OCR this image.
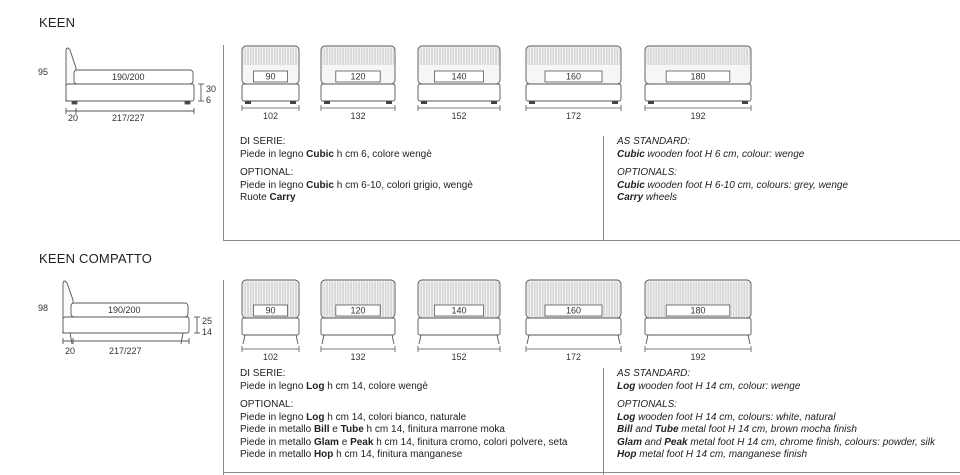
KEEN
95	190/200
20	217/227
30
6
DI SERIE:
Piede in legno Cubic h cm 6, colore wengè
OPTIONAL:
Piede in legno Cubic h cm 6-10, colori grigio, wengè
Ruote Carry
AS STANDARD:
Cubic wooden foot H 6 cm, colour: wenge
OPTIONALS:
Cubic wooden foot H 6-10 cm, colours: grey, wenge
Carry wheels
KEEN COMPATTO
98	190/200
20	217/227
25
14
DI SERIE:
Piede in legno Log h cm 14, colore wengè
OPTIONAL:
Piede in legno Log h cm 14, colori bianco, naturale
Piede in metallo Bill e Tube h cm 14, finitura marrone moka
Piede in metallo Glam e Peak h cm 14, finitura cromo, colori polvere, seta
Piede in metallo Hop h cm 14, finitura manganese
AS STANDARD:
Log wooden foot H 14 cm, colour: wenge
OPTIONALS:
Log wooden foot H 14 cm, colours: white, natural
Bill and Tube metal foot H 14 cm, brown mocha finish
Glam and Peak metal foot H 14 cm, chrome finish, colours: powder, silk
Hop metal foot H 14 cm, manganese finish
90
102
120
132
140
152
160
172
180
192
90
102
120
132
140
152
160
172
180
192
